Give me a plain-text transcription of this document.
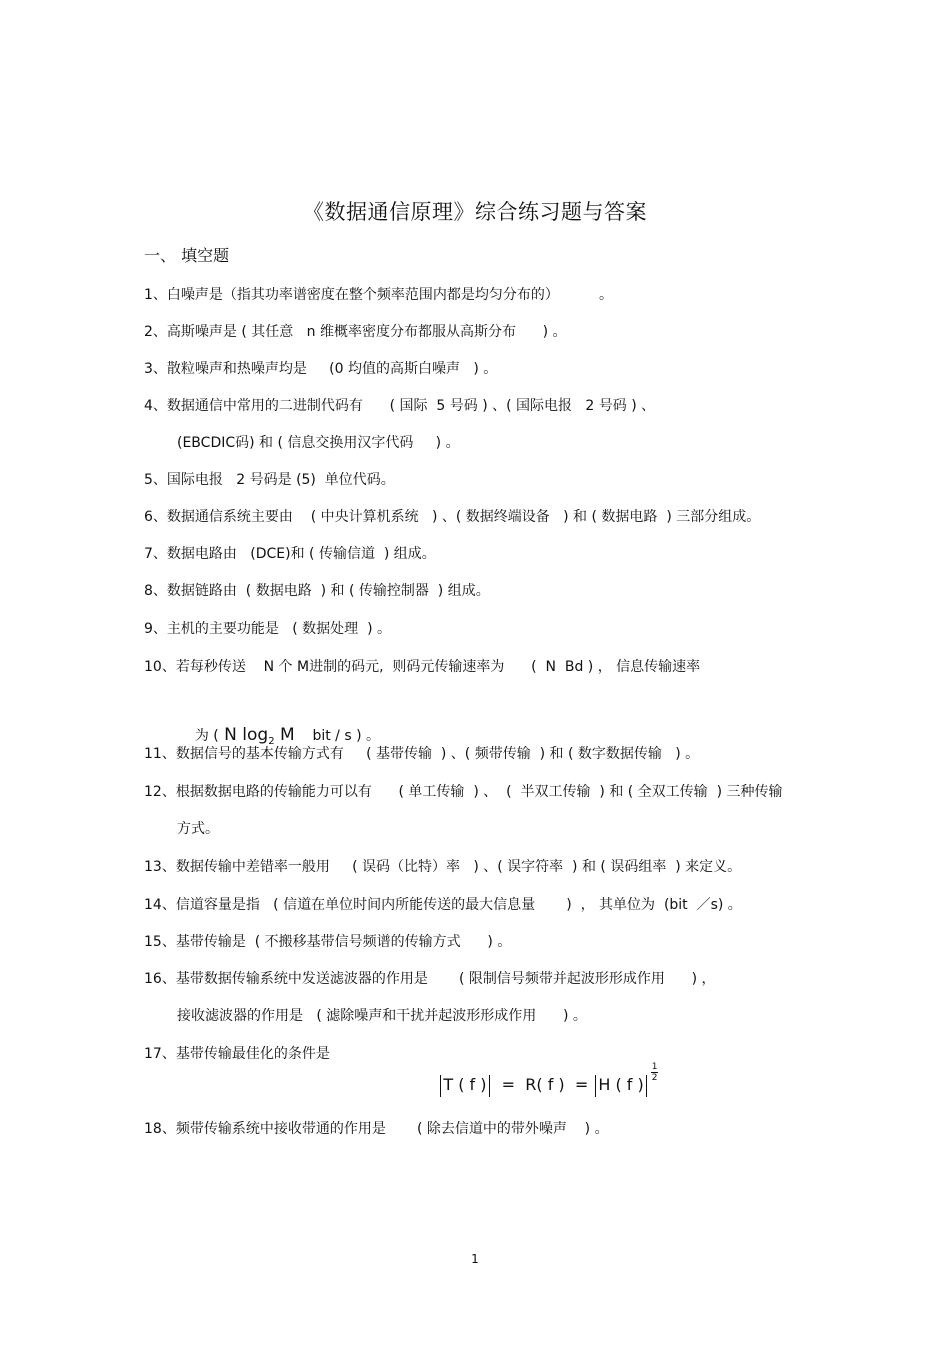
《数据通信原理》综合练习题与答案
一、 填空题
1、白噪声是（指其功率谱密度在整个频率范围内都是均匀分布的）         。
2、高斯噪声是 ( 其任意   n 维概率密度分布都服从高斯分布      ) 。
3、散粒噪声和热噪声均是     (0 均值的高斯白噪声   ) 。
4、数据通信中常用的二进制代码有      ( 国际  5 号码 ) 、( 国际电报   2 号码 ) 、
(EBCDIC码) 和 ( 信息交换用汉字代码     ) 。
5、国际电报   2 号码是 (5)  单位代码。
6、数据通信系统主要由    ( 中央计算机系统   ) 、( 数据终端设备   ) 和 ( 数据电路  ) 三部分组成。
7、数据电路由   (DCE)和 ( 传输信道  ) 组成。
8、数据链路由  ( 数据电路  ) 和 ( 传输控制器  ) 组成。
9、主机的主要功能是   ( 数据处理  ) 。
10、若每秒传送    N 个 M进制的码元,  则码元传输速率为      (  N  Bd ) ， 信息传输速率

为 ( N $\log_2 M$    bit / s ) 。

11、数据信号的基本传输方式有     ( 基带传输  ) 、( 频带传输  ) 和 ( 数字数据传输   ) 。
12、根据数据电路的传输能力可以有      ( 单工传输  ) 、  (  半双工传输  ) 和 ( 全双工传输  ) 三种传输
方式。
13、数据传输中差错率一般用     ( 误码（比特）率   ) 、( 误字符率  ) 和 ( 误码组率  ) 来定义。
14、信道容量是指   ( 信道在单位时间内所能传送的最大信息量       )  ， 其单位为  (bit  ／s) 。
15、基带传输是  ( 不搬移基带信号频谱的传输方式      ) 。
16、基带数据传输系统中发送滤波器的作用是       ( 限制信号频带并起波形形成作用      ) ，
接收滤波器的作用是   ( 滤除噪声和干扰并起波形形成作用      ) 。
17、基带传输最佳化的条件是

T ( f )  =  R( f )  = H ( f )
$\frac{1}{2}$

18、频带传输系统中接收带通的作用是       ( 除去信道中的带外噪声    ) 。
1
